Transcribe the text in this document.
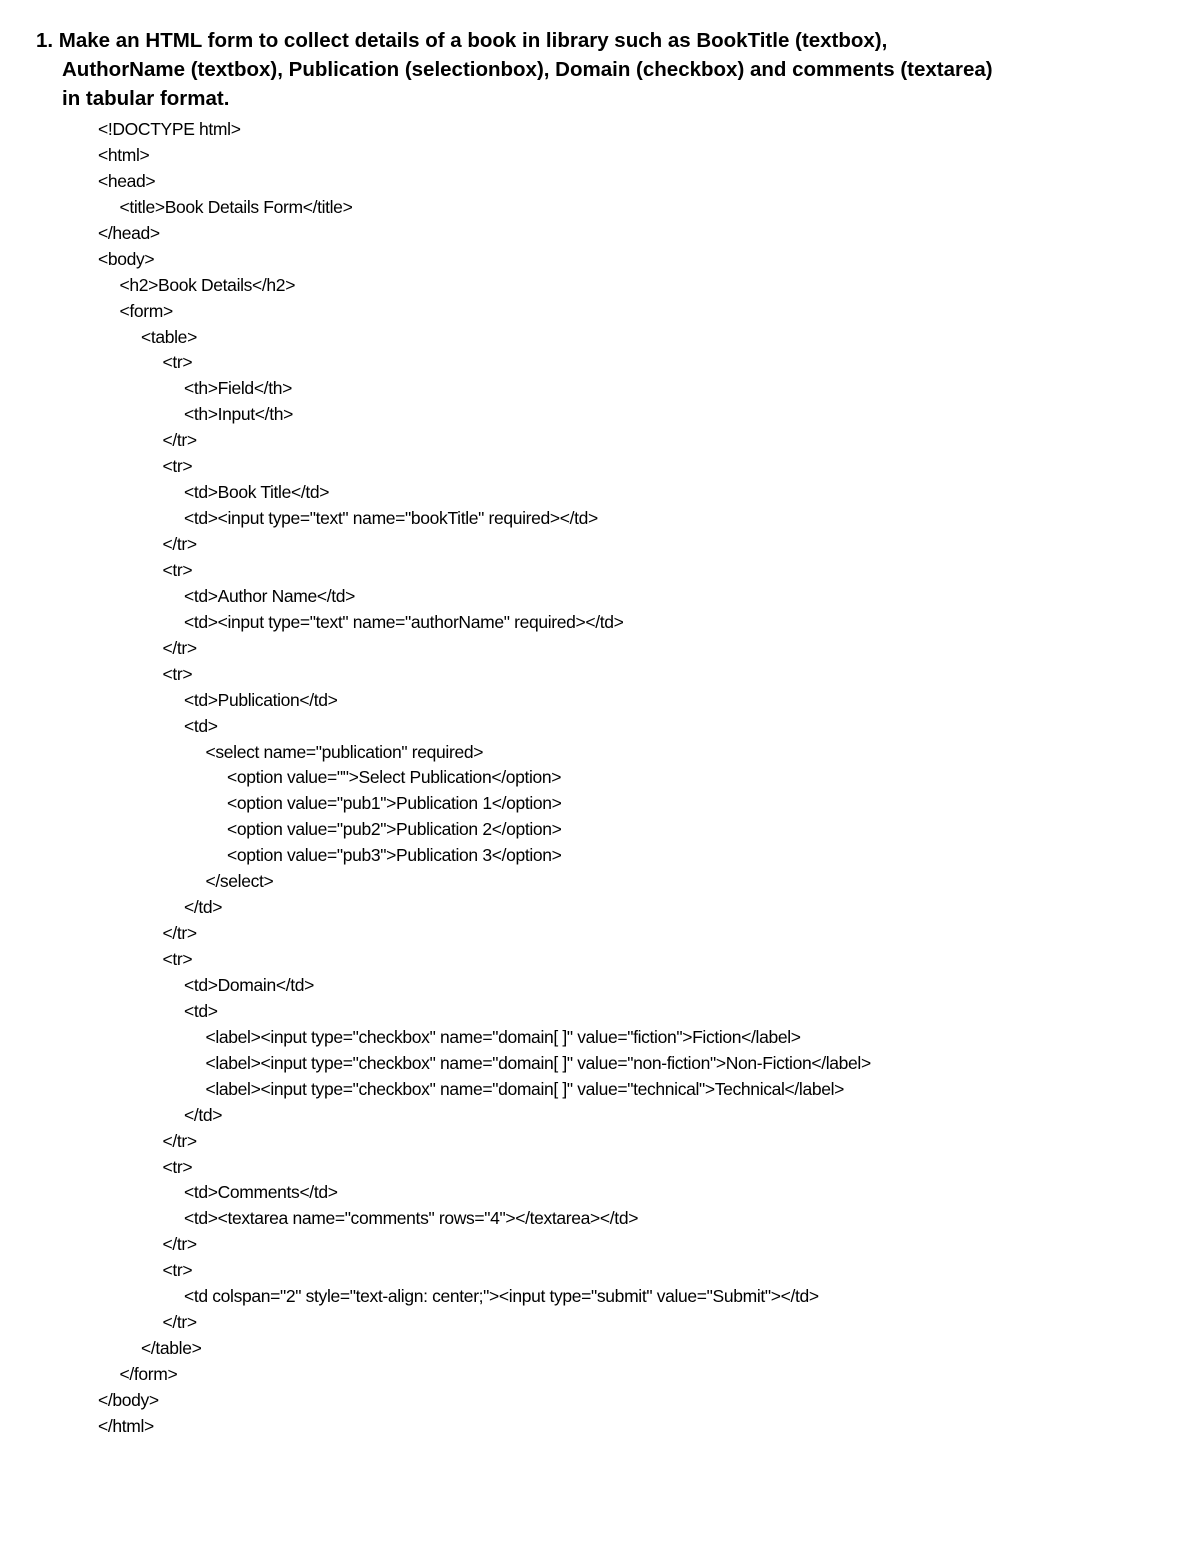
1. Make an HTML form to collect details of a book in library such as BookTitle (textbox),
AuthorName (textbox), Publication (selectionbox), Domain (checkbox) and comments (textarea)
in tabular format.
<!DOCTYPE html>
<html>
<head>
<title>Book Details Form</title>
</head>
<body>
<h2>Book Details</h2>
<form>
<table>
<tr>
<th>Field</th>
<th>Input</th>
</tr>
<tr>
<td>Book Title</td>
<td><input type="text" name="bookTitle" required></td>
</tr>
<tr>
<td>Author Name</td>
<td><input type="text" name="authorName" required></td>
</tr>
<tr>
<td>Publication</td>
<td>
<select name="publication" required>
<option value="">Select Publication</option>
<option value="pub1">Publication 1</option>
<option value="pub2">Publication 2</option>
<option value="pub3">Publication 3</option>
</select>
</td>
</tr>
<tr>
<td>Domain</td>
<td>
<label><input type="checkbox" name="domain[ ]" value="fiction">Fiction</label>
<label><input type="checkbox" name="domain[ ]" value="non-fiction">Non-Fiction</label>
<label><input type="checkbox" name="domain[ ]" value="technical">Technical</label>
</td>
</tr>
<tr>
<td>Comments</td>
<td><textarea name="comments" rows="4"></textarea></td>
</tr>
<tr>
<td colspan="2" style="text-align: center;"><input type="submit" value="Submit"></td>
</tr>
</table>
</form>
</body>
</html>
